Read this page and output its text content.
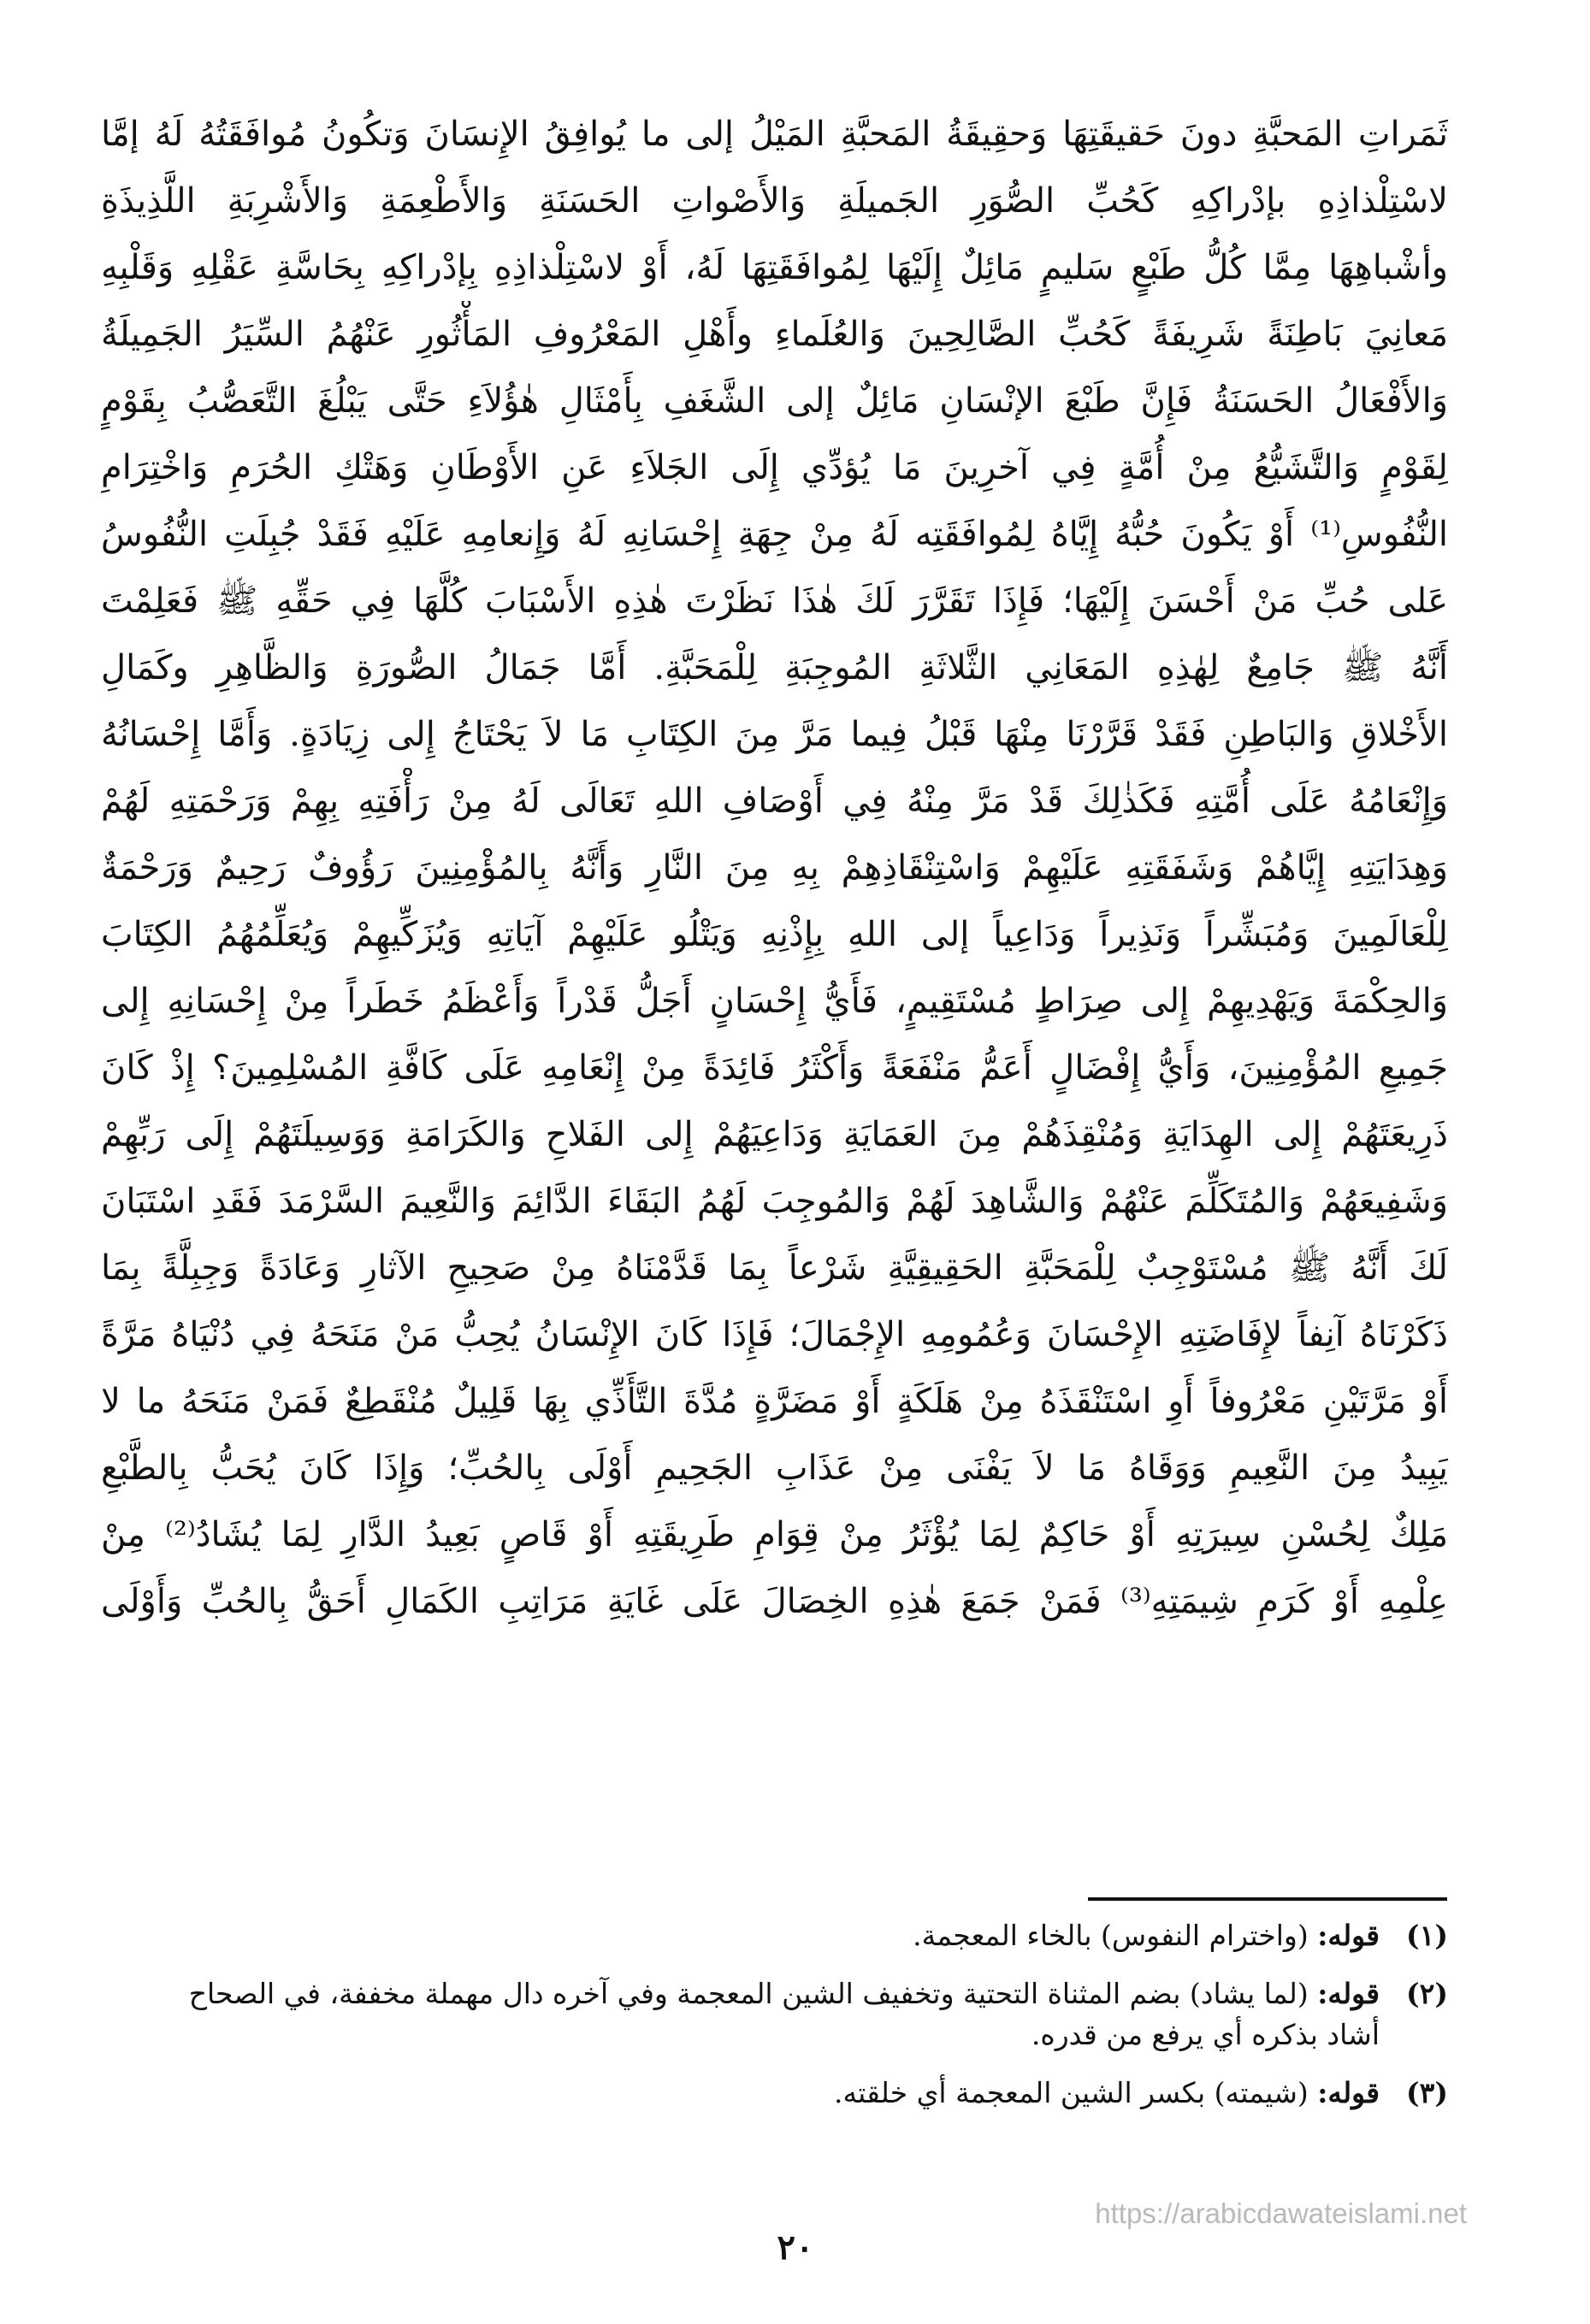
ثَمَراتِ المَحبَّةِ دونَ حَقيقَتِهَا وَحقِيقَةُ المَحبَّةِ المَيْلُ إلى ما يُوافِقُ الإِنسَانَ وَتكُونُ مُوافَقَتُهُ لَهُ إمَّا
لاسْتِلْذاذِهِ بإدْراكِهِ كَحُبِّ الصُّوَرِ الجَميلَةِ وَالأَصْواتِ الحَسَنَةِ وَالأَطْعِمَةِ وَالأَشْرِبَةِ اللَّذِيذَةِ
وأشْباهِهَا مِمَّا كُلُّ طَبْعٍ سَليمٍ مَائِلٌ إِلَيْهَا لِمُوافَقَتِهَا لَهُ، أَوْ لاسْتِلْذاذِهِ بِإدْراكِهِ بِحَاسَّةِ عَقْلِهِ وَقَلْبِهِ
مَعانِيَ بَاطِنَةً شَرِيفَةً كَحُبِّ الصَّالِحِينَ وَالعُلَماءِ وأَهْلِ المَعْرُوفِ المَأْثُورِ عَنْهُمُ السِّيَرُ الجَمِيلَةُ
وَالأَفْعَالُ الحَسَنَةُ فَإِنَّ طَبْعَ الإنْسَانِ مَائِلٌ إلى الشَّغَفِ بِأَمْثَالِ هٰؤُلاَءِ حَتَّى يَبْلُغَ التَّعَصُّبُ بِقَوْمٍ
لِقَوْمٍ وَالتَّشَيُّعُ مِنْ أُمَّةٍ فِي آخرِينَ مَا يُؤدِّي إِلَى الجَلاَءِ عَنِ الأَوْطَانِ وَهَتْكِ الحُرَمِ وَاخْتِرَامِ
النُّفُوسِ⁽¹⁾ أَوْ يَكُونَ حُبُّهُ إِيَّاهُ لِمُوافَقَتِه لَهُ مِنْ جِهَةِ إِحْسَانِهِ لَهُ وَإِنعامِهِ عَلَيْهِ فَقَدْ جُبِلَتِ النُّفُوسُ
عَلى حُبِّ مَنْ أَحْسَنَ إِلَيْهَا؛ فَإِذَا تَقَرَّرَ لَكَ هٰذَا نَظَرْتَ هٰذِهِ الأَسْبَابَ كُلَّهَا فِي حَقِّهِ ﷺ فَعَلِمْتَ
أَنَّهُ ﷺ جَامِعٌ لِهٰذِهِ المَعَانِي الثَّلاثَةِ المُوجِبَةِ لِلْمَحَبَّةِ. أَمَّا جَمَالُ الصُّورَةِ وَالظَّاهِرِ وكَمَالِ
الأَخْلاقِ وَالبَاطِنِ فَقَدْ قَرَّرْنَا مِنْهَا قَبْلُ فِيما مَرَّ مِنَ الكِتَابِ مَا لاَ يَحْتَاجُ إِلى زِيَادَةٍ. وَأَمَّا إِحْسَانُهُ
وَإِنْعَامُهُ عَلَى أُمَّتِهِ فَكَذٰلِكَ قَدْ مَرَّ مِنْهُ فِي أَوْصَافِ اللهِ تَعَالَى لَهُ مِنْ رَأْفَتِهِ بِهِمْ وَرَحْمَتِهِ لَهُمْ
وَهِدَايَتِهِ إِيَّاهُمْ وَشَفَقَتِهِ عَلَيْهِمْ وَاسْتِنْقَاذِهِمْ بِهِ مِنَ النَّارِ وَأَنَّهُ بِالمُؤْمِنِينَ رَؤُوفٌ رَحِيمٌ وَرَحْمَةٌ
لِلْعَالَمِينَ وَمُبَشِّراً وَنَذِيراً وَدَاعِياً إلى اللهِ بِإِذْنِهِ وَيَتْلُو عَلَيْهِمْ آيَاتِهِ وَيُزَكِّيهِمْ وَيُعَلِّمُهُمُ الكِتَابَ
وَالحِكْمَةَ وَيَهْدِيهِمْ إِلى صِرَاطٍ مُسْتَقِيمٍ، فَأَيُّ إِحْسَانٍ أَجَلُّ قَدْراً وَأَعْظَمُ خَطَراً مِنْ إِحْسَانِهِ إِلى
جَمِيعِ المُؤْمِنِينَ، وَأَيُّ إِفْضَالٍ أَعَمُّ مَنْفَعَةً وَأَكْثَرُ فَائِدَةً مِنْ إِنْعَامِهِ عَلَى كَافَّةِ المُسْلِمِينَ؟ إِذْ كَانَ
ذَرِيعَتَهُمْ إِلى الهِدَايَةِ وَمُنْقِذَهُمْ مِنَ العَمَايَةِ وَدَاعِيَهُمْ إِلى الفَلاحِ وَالكَرَامَةِ وَوَسِيلَتَهُمْ إِلَى رَبِّهِمْ
وَشَفِيعَهُمْ وَالمُتَكَلِّمَ عَنْهُمْ وَالشَّاهِدَ لَهُمْ وَالمُوجِبَ لَهُمُ البَقَاءَ الدَّائِمَ وَالنَّعِيمَ السَّرْمَدَ فَقَدِ اسْتَبَانَ
لَكَ أَنَّهُ ﷺ مُسْتَوْجِبٌ لِلْمَحَبَّةِ الحَقِيقِيَّةِ شَرْعاً بِمَا قَدَّمْنَاهُ مِنْ صَحِيحِ الآثارِ وَعَادَةً وَجِبِلَّةً بِمَا
ذَكَرْنَاهُ آنِفاً لإِفَاضَتِهِ الإِحْسَانَ وَعُمُومِهِ الإِجْمَالَ؛ فَإِذَا كَانَ الإِنْسَانُ يُحِبُّ مَنْ مَنَحَهُ فِي دُنْيَاهُ مَرَّةً
أَوْ مَرَّتَيْنِ مَعْرُوفاً أَوِ اسْتَنْقَذَهُ مِنْ هَلَكَةٍ أَوْ مَضَرَّةٍ مُدَّةَ التَّأَذِّي بِهَا قَلِيلٌ مُنْقَطِعٌ فَمَنْ مَنَحَهُ ما لا
يَبِيدُ مِنَ النَّعِيمِ وَوَقَاهُ مَا لاَ يَفْنَى مِنْ عَذَابِ الجَحِيمِ أَوْلَى بِالحُبِّ؛ وَإِذَا كَانَ يُحَبُّ بِالطَّبْعِ
مَلِكٌ لِحُسْنِ سِيرَتِهِ أَوْ حَاكِمٌ لِمَا يُؤْثَرُ مِنْ قِوَامِ طَرِيقَتِهِ أَوْ قَاصٍ بَعِيدُ الدَّارِ لِمَا يُشَادُ⁽²⁾ مِنْ
عِلْمِهِ أَوْ كَرَمِ شِيمَتِهِ⁽³⁾ فَمَنْ جَمَعَ هٰذِهِ الخِصَالَ عَلَى غَايَةِ مَرَاتِبِ الكَمَالِ أَحَقُّ بِالحُبِّ وَأَوْلَى
(١)
قوله: (واخترام النفوس) بالخاء المعجمة.
(٢)
قوله: (لما يشاد) بضم المثناة التحتية وتخفيف الشين المعجمة وفي آخره دال مهملة مخففة، في الصحاح
أشاد بذكره أي يرفع من قدره.
(٣)
قوله: (شيمته) بكسر الشين المعجمة أي خلقته.
https://arabicdawateislami.net
٢٠
